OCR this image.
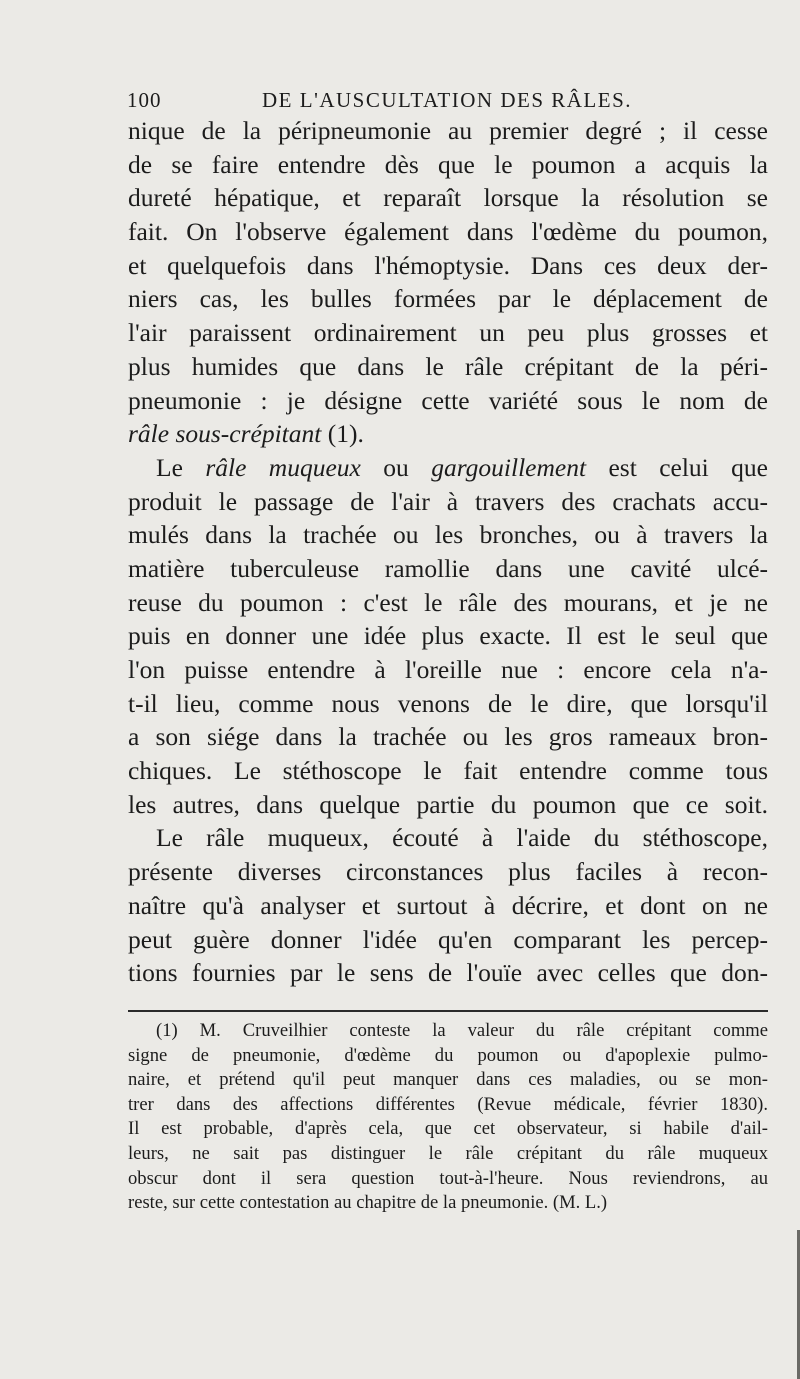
100	DE L'AUSCULTATION DES RÂLES.
nique de la péripneumonie au premier degré ; il cesse
de se faire entendre dès que le poumon a acquis la
dureté hépatique, et reparaît lorsque la résolution se
fait. On l'observe également dans l'œdème du poumon,
et quelquefois dans l'hémoptysie. Dans ces deux der-
niers cas, les bulles formées par le déplacement de
l'air paraissent ordinairement un peu plus grosses et
plus humides que dans le râle crépitant de la péri-
pneumonie : je désigne cette variété sous le nom de
râle sous-crépitant (1).
Le râle muqueux ou gargouillement est celui que
produit le passage de l'air à travers des crachats accu-
mulés dans la trachée ou les bronches, ou à travers la
matière tuberculeuse ramollie dans une cavité ulcé-
reuse du poumon : c'est le râle des mourans, et je ne
puis en donner une idée plus exacte. Il est le seul que
l'on puisse entendre à l'oreille nue : encore cela n'a-
t-il lieu, comme nous venons de le dire, que lorsqu'il
a son siége dans la trachée ou les gros rameaux bron-
chiques. Le stéthoscope le fait entendre comme tous
les autres, dans quelque partie du poumon que ce soit.
Le râle muqueux, écouté à l'aide du stéthoscope,
présente diverses circonstances plus faciles à recon-
naître qu'à analyser et surtout à décrire, et dont on ne
peut guère donner l'idée qu'en comparant les percep-
tions fournies par le sens de l'ouïe avec celles que don-
(1) M. Cruveilhier conteste la valeur du râle crépitant comme
signe de pneumonie, d'œdème du poumon ou d'apoplexie pulmo-
naire, et prétend qu'il peut manquer dans ces maladies, ou se mon-
trer dans des affections différentes (Revue médicale, février 1830).
Il est probable, d'après cela, que cet observateur, si habile d'ail-
leurs, ne sait pas distinguer le râle crépitant du râle muqueux
obscur dont il sera question tout-à-l'heure. Nous reviendrons, au
reste, sur cette contestation au chapitre de la pneumonie. (M. L.)
